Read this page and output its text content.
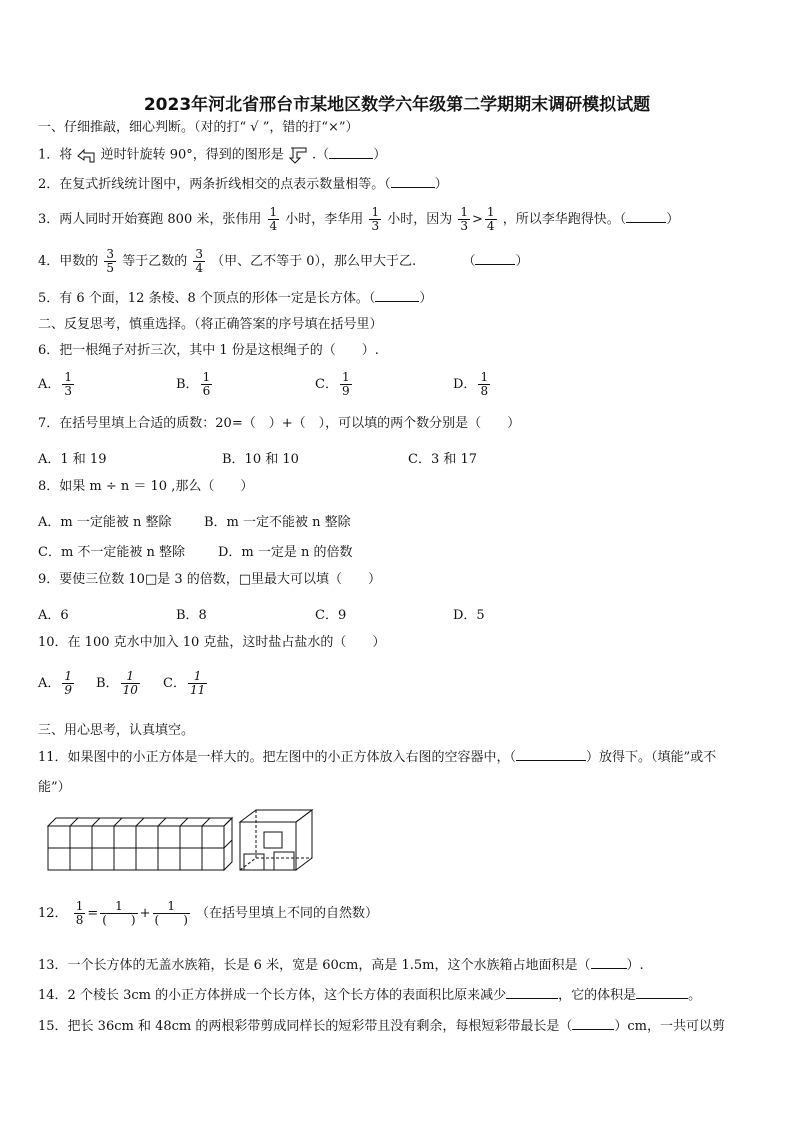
2023年河北省邢台市某地区数学六年级第二学期期末调研模拟试题
一、仔细推敲，细心判断。（对的打“ √ ”，错的打“×”）
1．将 逆时针旋转 90°，得到的图形是 .（	）
2．在复式折线统计图中，两条折线相交的点表示数量相等。（	）
3．两人同时开始赛跑 800 米，张伟用 $\frac{1}{4}$ 小时，李华用 $\frac{1}{3}$ 小时，因为 $\frac{1}{3} > \frac{1}{4}$ ，所以李华跑得快。（	）
4．甲数的 $\frac{3}{5}$ 等于乙数的 $\frac{3}{4}$ （甲、乙不等于 0），那么甲大于乙.	（	）
5．有 6 个面，12 条棱、8 个顶点的形体一定是长方体。（	）
二、反复思考，慎重选择。（将正确答案的序号填在括号里）
6．把一根绳子对折三次，其中 1 份是这根绳子的（　　）.
A． $\frac{1}{3}$	B． $\frac{1}{6}$	C． $\frac{1}{9}$	D． $\frac{1}{8}$
7．在括号里填上合适的质数：20=（　）+（　），可以填的两个数分别是（　　）
A．1 和 19	B．10 和 10	C．3 和 17
8．如果 m ÷ n ＝ 10 ,那么（　　）
A．m 一定能被 n 整除	B．m 一定不能被 n 整除
C．m 不一定能被 n 整除	D．m 一定是 n 的倍数
9．要使三位数 10□是 3 的倍数，□里最大可以填（　　）
A．6	B．8	C．9	D．5
10．在 100 克水中加入 10 克盐，这时盐占盐水的（　　）
A． $\frac{1}{9}$ B． $\frac{1}{10}$ C． $\frac{1}{11}$
三、用心思考，认真填空。
11．如果图中的小正方体是一样大的。把左图中的小正方体放入右图的空容器中，（	）放得下。（填能”或不
能”）
12． $\frac{1}{8} = \frac{1}{( )} + \frac{1}{( )}$ （在括号里填上不同的自然数）
13．一个长方体的无盖水族箱，长是 6 米，宽是 60cm，高是 1.5m，这个水族箱占地面积是（	）.
14．2 个棱长 3cm 的小正方体拼成一个长方体，这个长方体的表面积比原来减少	，它的体积是	。
15．把长 36cm 和 48cm 的两根彩带剪成同样长的短彩带且没有剩余，每根短彩带最长是（	）cm，一共可以剪
